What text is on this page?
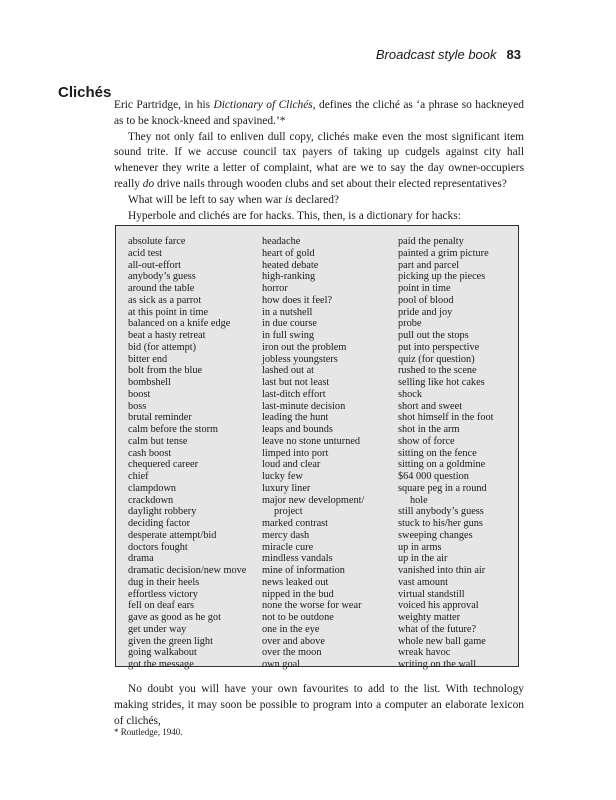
Broadcast style book 83
Clichés

Eric Partridge, in his Dictionary of Clichés, defines the cliché as ‘a phrase so hackneyed as to be knock-kneed and spavined.’*

They not only fail to enliven dull copy, clichés make even the most significant item sound trite. If we accuse council tax payers of taking up cudgels against city hall whenever they write a letter of complaint, what are we to say the day owner-occupiers really do drive nails through wooden clubs and set about their elected representatives?

What will be left to say when war is declared?

Hyperbole and clichés are for hacks. This, then, is a dictionary for hacks:

absolute farce
acid test
all-out-effort
anybody’s guess
around the table
as sick as a parrot
at this point in time
balanced on a knife edge
beat a hasty retreat
bid (for attempt)
bitter end
bolt from the blue
bombshell
boost
boss
brutal reminder
calm before the storm
calm but tense
cash boost
chequered career
chief
clampdown
crackdown
daylight robbery
deciding factor
desperate attempt/bid
doctors fought
drama
dramatic decision/new move
dug in their heels
effortless victory
fell on deaf ears
gave as good as he got
get under way
given the green light
going walkabout
got the message
headache
heart of gold
heated debate
high-ranking
horror
how does it feel?
in a nutshell
in due course
in full swing
iron out the problem
jobless youngsters
lashed out at
last but not least
last-ditch effort
last-minute decision
leading the hunt
leaps and bounds
leave no stone unturned
limped into port
loud and clear
lucky few
luxury liner
major new development/
project
marked contrast
mercy dash
miracle cure
mindless vandals
mine of information
news leaked out
nipped in the bud
none the worse for wear
not to be outdone
one in the eye
over and above
over the moon
own goal
paid the penalty
painted a grim picture
part and parcel
picking up the pieces
point in time
pool of blood
pride and joy
probe
pull out the stops
put into perspective
quiz (for question)
rushed to the scene
selling like hot cakes
shock
short and sweet
shot himself in the foot
shot in the arm
show of force
sitting on the fence
sitting on a goldmine
$64 000 question
square peg in a round
hole
still anybody’s guess
stuck to his/her guns
sweeping changes
up in arms
up in the air
vanished into thin air
vast amount
virtual standstill
voiced his approval
weighty matter
what of the future?
whole new ball game
wreak havoc
writing on the wall

No doubt you will have your own favourites to add to the list. With technology making strides, it may soon be possible to program into a computer an elaborate lexicon of clichés,

* Routledge, 1940.
